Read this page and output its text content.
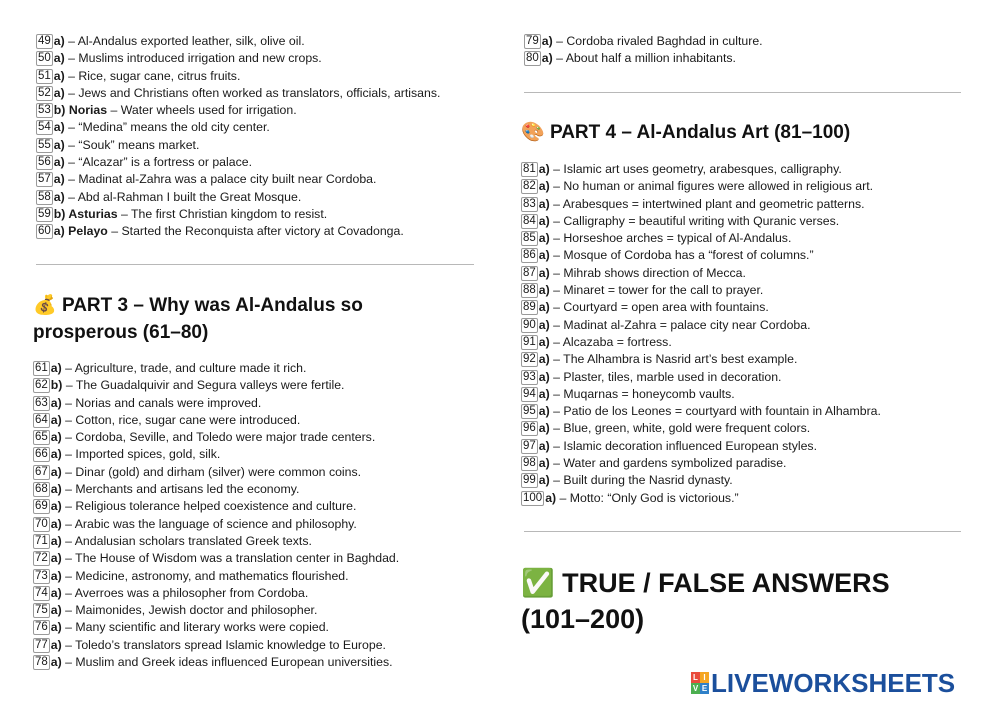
49 a) – Al-Andalus exported leather, silk, olive oil.
50 a) – Muslims introduced irrigation and new crops.
51 a) – Rice, sugar cane, citrus fruits.
52 a) – Jews and Christians often worked as translators, officials, artisans.
53 b) Norias – Water wheels used for irrigation.
54 a) – “Medina” means the old city center.
55 a) – “Souk” means market.
56 a) – “Alcazar” is a fortress or palace.
57 a) – Madinat al-Zahra was a palace city built near Cordoba.
58 a) – Abd al-Rahman I built the Great Mosque.
59 b) Asturias – The first Christian kingdom to resist.
60 a) Pelayo – Started the Reconquista after victory at Covadonga.
💰 PART 3 – Why was Al-Andalus so
prosperous (61–80)
61 a) – Agriculture, trade, and culture made it rich.
62 b) – The Guadalquivir and Segura valleys were fertile.
63 a) – Norias and canals were improved.
64 a) – Cotton, rice, sugar cane were introduced.
65 a) – Cordoba, Seville, and Toledo were major trade centers.
66 a) – Imported spices, gold, silk.
67 a) – Dinar (gold) and dirham (silver) were common coins.
68 a) – Merchants and artisans led the economy.
69 a) – Religious tolerance helped coexistence and culture.
70 a) – Arabic was the language of science and philosophy.
71 a) – Andalusian scholars translated Greek texts.
72 a) – The House of Wisdom was a translation center in Baghdad.
73 a) – Medicine, astronomy, and mathematics flourished.
74 a) – Averroes was a philosopher from Cordoba.
75 a) – Maimonides, Jewish doctor and philosopher.
76 a) – Many scientific and literary works were copied.
77 a) – Toledo’s translators spread Islamic knowledge to Europe.
78 a) – Muslim and Greek ideas influenced European universities.
79 a) – Cordoba rivaled Baghdad in culture.
80 a) – About half a million inhabitants.
🎨 PART 4 – Al-Andalus Art (81–100)
81 a) – Islamic art uses geometry, arabesques, calligraphy.
82 a) – No human or animal figures were allowed in religious art.
83 a) – Arabesques = intertwined plant and geometric patterns.
84 a) – Calligraphy = beautiful writing with Quranic verses.
85 a) – Horseshoe arches = typical of Al-Andalus.
86 a) – Mosque of Cordoba has a “forest of columns.”
87 a) – Mihrab shows direction of Mecca.
88 a) – Minaret = tower for the call to prayer.
89 a) – Courtyard = open area with fountains.
90 a) – Madinat al-Zahra = palace city near Cordoba.
91 a) – Alcazaba = fortress.
92 a) – The Alhambra is Nasrid art’s best example.
93 a) – Plaster, tiles, marble used in decoration.
94 a) – Muqarnas = honeycomb vaults.
95 a) – Patio de los Leones = courtyard with fountain in Alhambra.
96 a) – Blue, green, white, gold were frequent colors.
97 a) – Islamic decoration influenced European styles.
98 a) – Water and gardens symbolized paradise.
99 a) – Built during the Nasrid dynasty.
100 a) – Motto: “Only God is victorious.”
✅ TRUE / FALSE ANSWERS
(101–200)
L I
V E LIVEWORKSHEETS
